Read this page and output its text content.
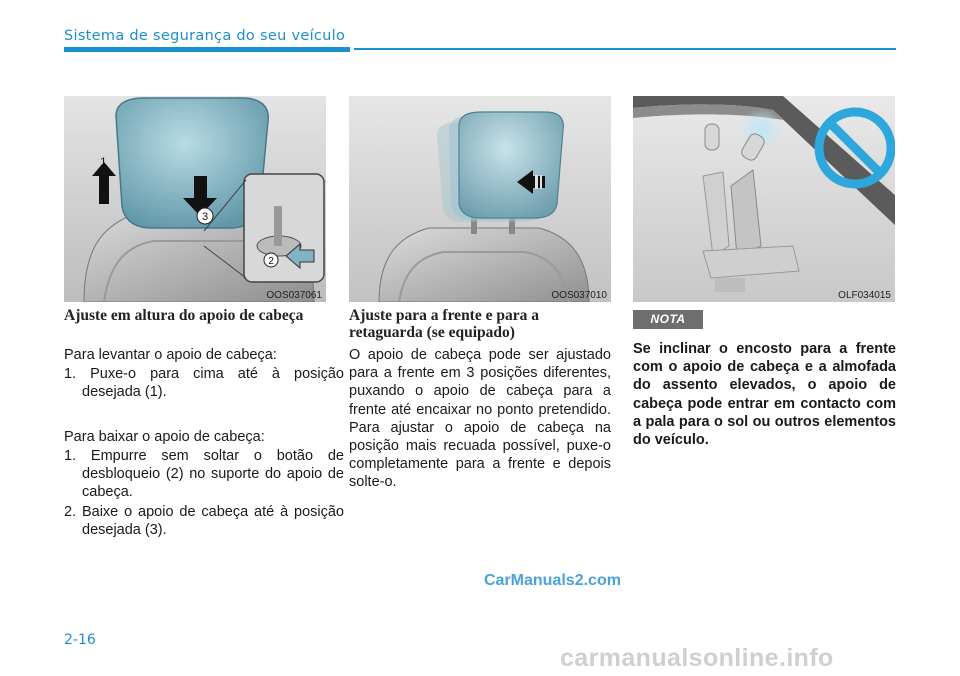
Sistema de segurança do seu veículo
3
1
2
OOS037061	OOS037010	OLF034015
Ajuste em altura do apoio de cabeça
Para levantar o apoio de cabeça:
1. Puxe-o para cima até à posição desejada (1).
Para baixar o apoio de cabeça:
1. Empurre sem soltar o botão de desbloqueio (2) no suporte do apoio de cabeça.
2. Baixe o apoio de cabeça até à posição desejada (3).
Ajuste para a frente e para a retaguarda (se equipado)
O apoio de cabeça pode ser ajustado para a frente em 3 posições diferentes, puxando o apoio de cabeça para a frente até encaixar no ponto pretendido. Para ajustar o apoio de cabeça na posição mais recuada possível, puxe-o completamente para a frente e depois solte-o.
NOTA
Se inclinar o encosto para a frente com o apoio de cabeça e a almofada do assento elevados, o apoio de cabeça pode entrar em contacto com a pala para o sol ou outros elementos do veículo.
2-16
CarManuals2.com
carmanualsonline.info
